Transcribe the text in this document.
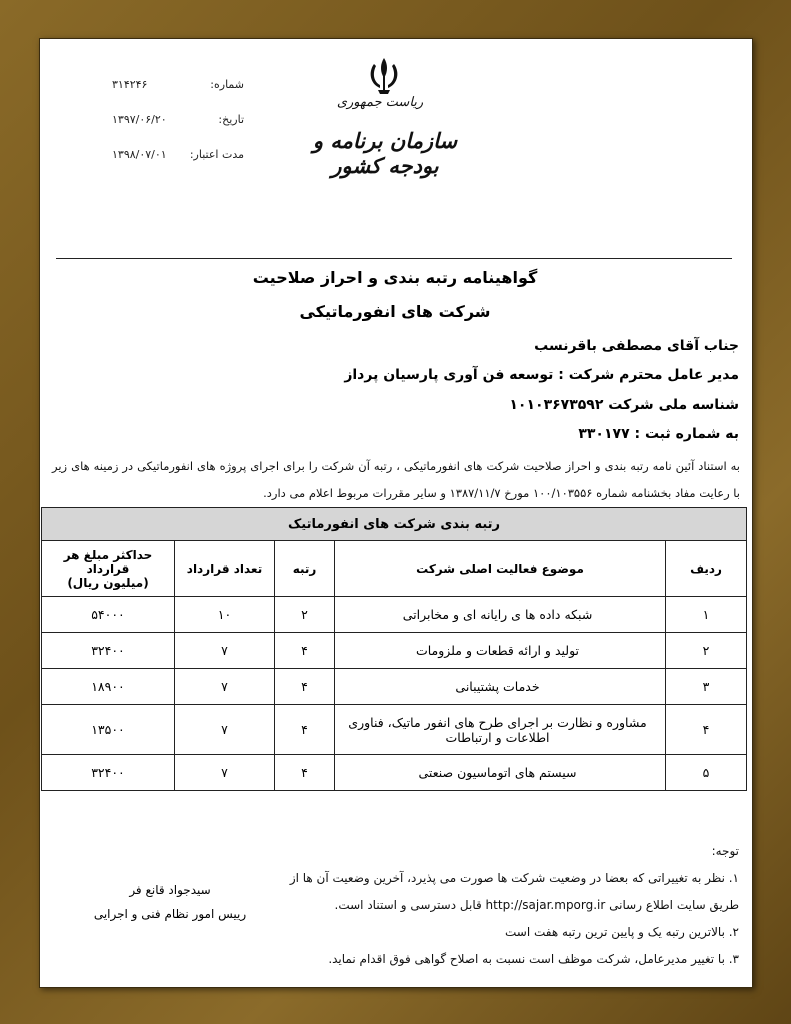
شماره:
۳۱۴۲۴۶
تاریخ:
۱۳۹۷/۰۶/۲۰
مدت اعتبار:
۱۳۹۸/۰۷/۰۱
ریاست جمهوری
سازمان برنامه و بودجه کشور
گواهینامه رتبه بندی و احراز صلاحیت
شرکت های انفورماتیکی
جناب آقای مصطفی باقرنسب
مدیر عامل محترم شرکت : توسعه فن آوری پارسیان پرداز
شناسه ملی شرکت ۱۰۱۰۳۶۷۳۵۹۲
به شماره ثبت : ۳۳۰۱۷۷
به استناد آئین نامه رتبه بندی و احراز صلاحیت شرکت های انفورماتیکی ، رتبه آن شرکت را برای اجرای پروژه های انفورماتیکی در زمینه های زیر با رعایت مفاد بخشنامه شماره ۱۰۰/۱۰۳۵۵۶ مورخ ۱۳۸۷/۱۱/۷ و سایر مقررات مربوط اعلام می دارد.
رتبه بندی شرکت های انفورماتیک				
ردیف	موضوع فعالیت اصلی شرکت	رتبه	تعداد قرارداد	حداکثر مبلغ هر قرارداد
(میلیون ریال)

۱	شبکه داده ها ی رایانه ای و مخابراتی	۲	۱۰	۵۴۰۰۰
۲	تولید و ارائه قطعات و ملزومات	۴	۷	۳۲۴۰۰
۳	خدمات پشتیبانی	۴	۷	۱۸۹۰۰
۴	مشاوره و نظارت بر اجرای طرح های انفور ماتیک، فناوری اطلاعات و ارتباطات	۴	۷	۱۳۵۰۰
۵	سیستم های اتوماسیون صنعتی	۴	۷	۳۲۴۰۰
توجه:
۱. نظر به تغییراتی که بعضا در وضعیت شرکت ها صورت می پذیرد، آخرین وضعیت آن ها از
طریق سایت اطلاع رسانی http://sajar.mporg.ir قابل دسترسی و استناد است.
۲. بالاترین رتبه یک و پایین ترین رتبه هفت است
۳. با تغییر مدیرعامل، شرکت موظف است نسبت به اصلاح گواهی فوق اقدام نماید.
سیدجواد قانع فر
رییس امور نظام فنی و اجرایی
